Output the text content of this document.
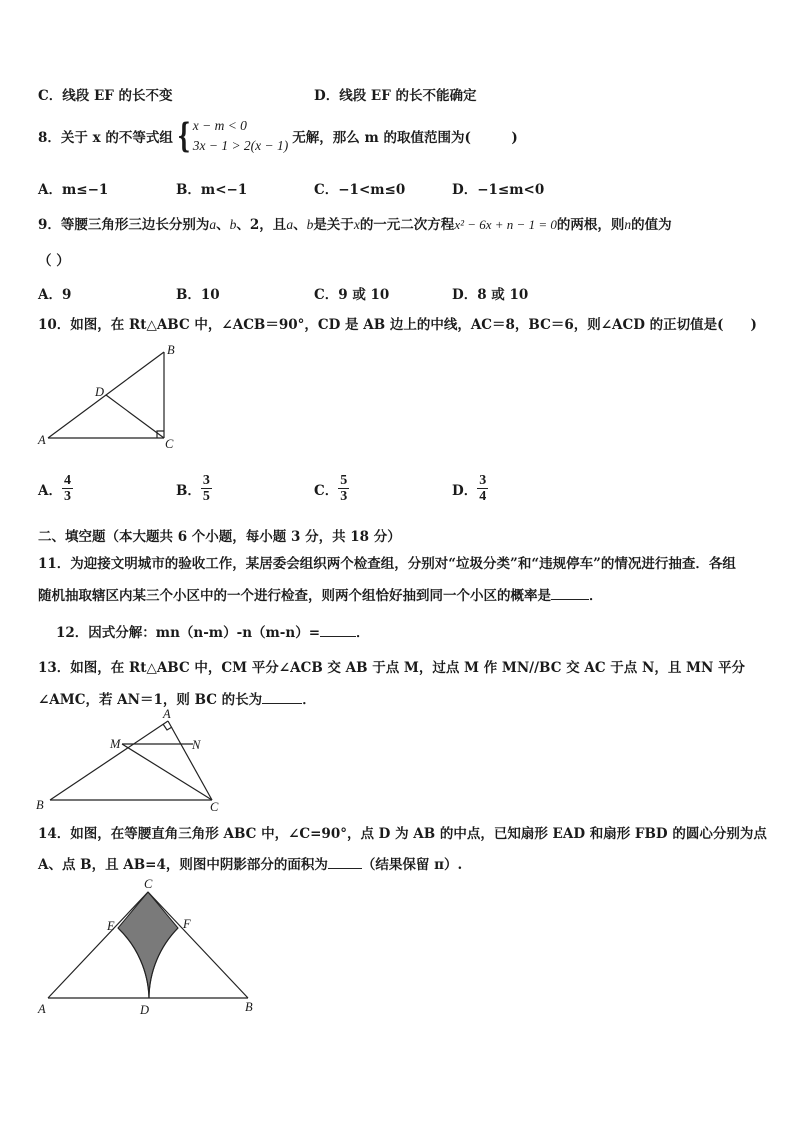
C．线段 EF 的长不变	D．线段 EF 的长不能确定
8．关于 x 的不等式组 { x − m < 0
3x − 1 > 2(x − 1) 无解，那么 m 的取值范围为(　　　)
A．m≤−1	B．m<−1	C．−1<m≤0	D．−1≤m<0
9．等腰三角形三边长分别为a、b、2，且a、b是关于x的一元二次方程x² − 6x + n − 1 = 0的两根，则n的值为
（ ）
A．9	B．10	C．9 或 10	D．8 或 10
10．如图，在 Rt△ABC 中，∠ACB＝90°，CD 是 AB 边上的中线，AC＝8，BC＝6，则∠ACD 的正切值是(　　)
A
B
C
D
A． $\frac{4}{3}$	B． $\frac{3}{5}$	C． $\frac{5}{3}$	D． $\frac{3}{4}$
二、填空题（本大题共 6 个小题，每小题 3 分，共 18 分）
11．为迎接文明城市的验收工作，某居委会组织两个检查组，分别对“垃圾分类”和“违规停车”的情况进行抽查．各组
随机抽取辖区内某三个小区中的一个进行检查，则两个组恰好抽到同一个小区的概率是	．
12．因式分解：mn（n-m）-n（m-n）=	．
13．如图，在 Rt△ABC 中，CM 平分∠ACB 交 AB 于点 M，过点 M 作 MN//BC 交 AC 于点 N，且 MN 平分
∠AMC，若 AN＝1，则 BC 的长为	．
A
B	C
M	N
14．如图，在等腰直角三角形 ABC 中，∠C=90°，点 D 为 AB 的中点，已知扇形 EAD 和扇形 FBD 的圆心分别为点
A、点 B，且 AB=4，则图中阴影部分的面积为	（结果保留 π）.
A	B
C
D
E	F
